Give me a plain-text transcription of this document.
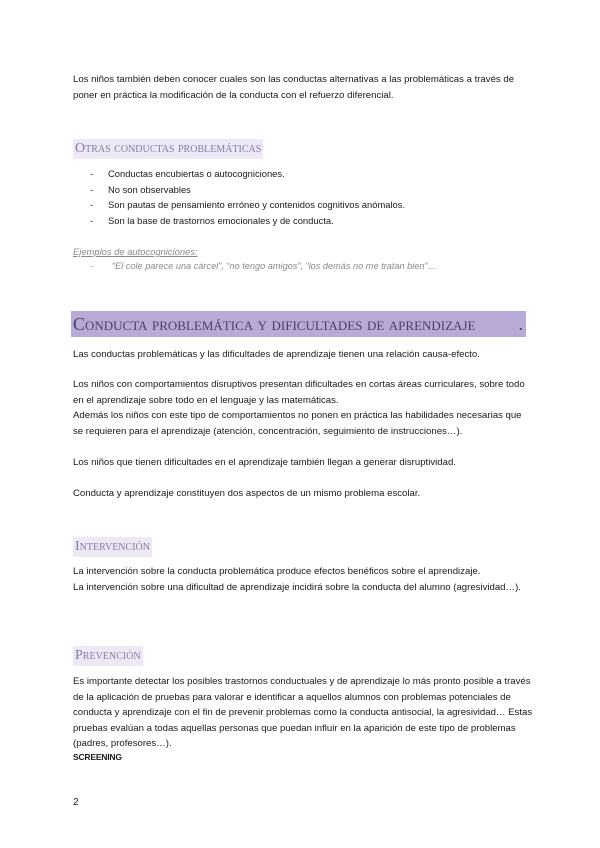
Los niños también deben conocer cuales son las conductas alternativas a las problemáticas a través de poner en práctica la modificación de la conducta con el refuerzo diferencial.

Otras conductas problemáticas
- Conductas encubiertas o autocogniciones.
- No son observables
- Son pautas de pensamiento erróneo y contenidos cognitivos anómalos.
- Son la base de trastornos emocionales y de conducta.
Ejemplos de autocogniciones:
- “El cole parece una cárcel”, “no tengo amigos”, “los demás no me tratan bien”…
Conducta problemática y dificultades de aprendizaje .

Las conductas problemáticas y las dificultades de aprendizaje tienen una relación causa-efecto.

Los niños con comportamientos disruptivos presentan dificultades en cortas áreas curriculares, sobre todo en el aprendizaje sobre todo en el lenguaje y las matemáticas.

Además los niños con este tipo de comportamientos no ponen en práctica las habilidades necesarias que se requieren para el aprendizaje (atención, concentración, seguimiento de instrucciones…).

Los niños que tienen dificultades en el aprendizaje también llegan a generar disruptividad.

Conducta y aprendizaje constituyen dos aspectos de un mismo problema escolar.

Intervención

La intervención sobre la conducta problemática produce efectos benéficos sobre el aprendizaje.

La intervención sobre una dificultad de aprendizaje incidirá sobre la conducta del alumno (agresividad…).

Prevención

Es importante detectar los posibles trastornos conductuales y de aprendizaje lo más pronto posible a través de la aplicación de pruebas para valorar e identificar a aquellos alumnos con problemas potenciales de conducta y aprendizaje con el fin de prevenir problemas como la conducta antisocial, la agresividad… Estas pruebas evalúan a todas aquellas personas que puedan influir en la aparición de este tipo de problemas (padres, profesores…).

SCREENING
2
